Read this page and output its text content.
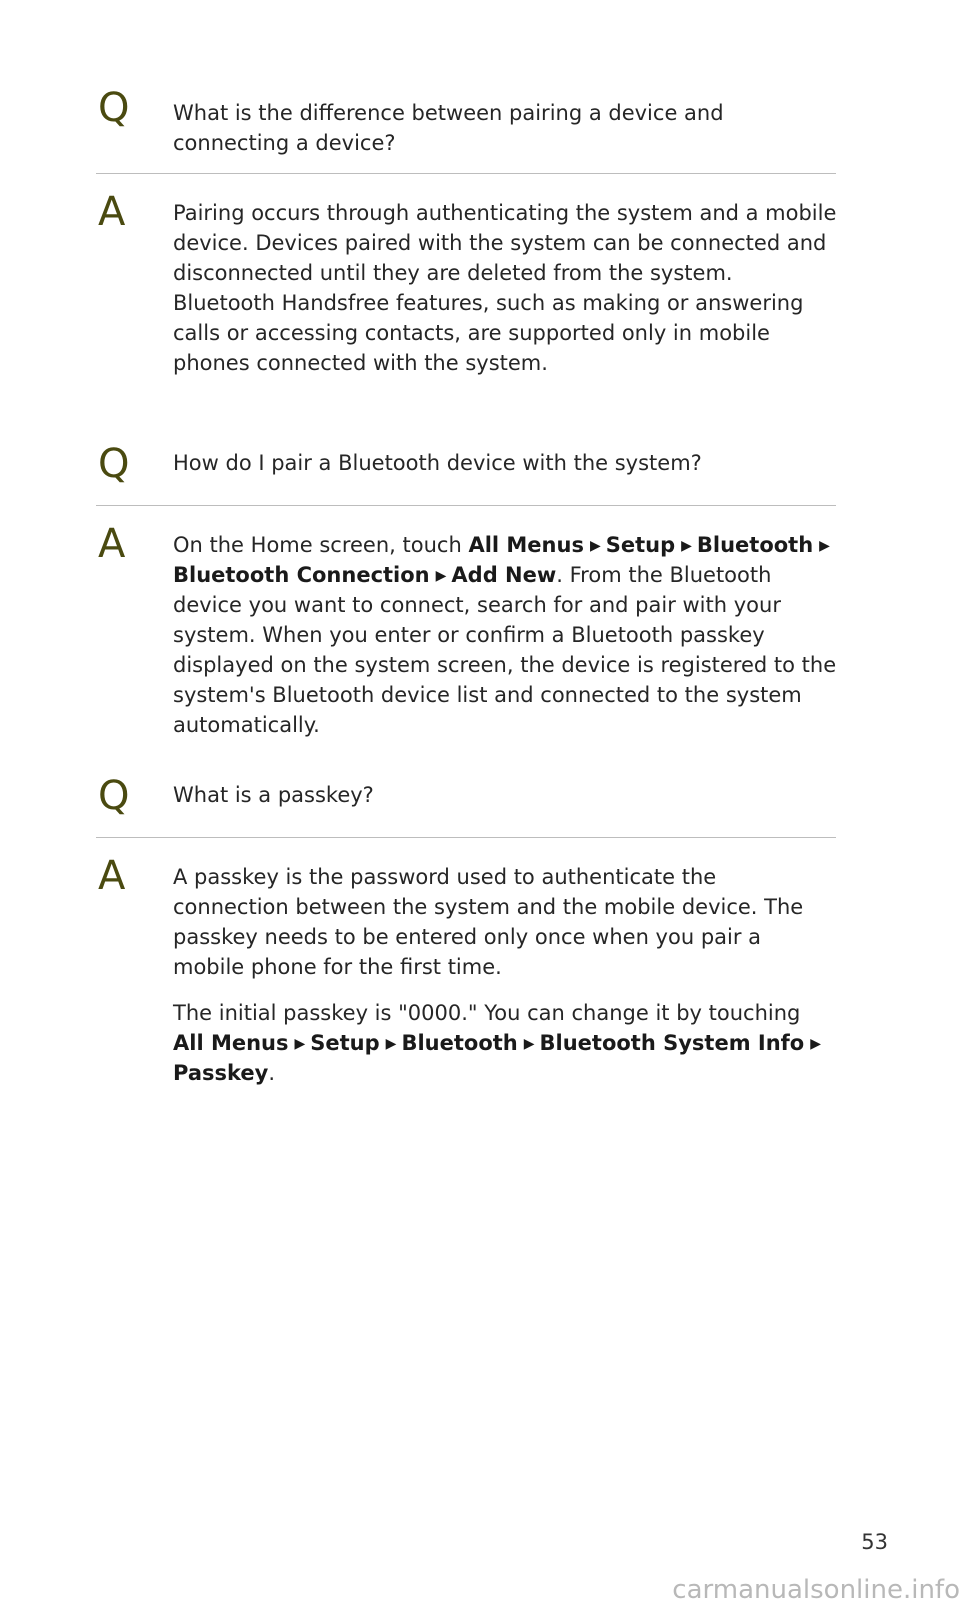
Q What is the difference between pairing a device and connecting a device?

A Pairing occurs through authenticating the system and a mobile device. Devices paired with the system can be connected and disconnected until they are deleted from the system. Bluetooth Handsfree features, such as making or answering calls or accessing contacts, are supported only in mobile phones connected with the system.

Q How do I pair a Bluetooth device with the system?

A On the Home screen, touch All Menus ▶ Setup ▶ Bluetooth ▶
Bluetooth Connection ▶ Add New. From the Bluetooth device you want to connect, search for and pair with your system. When you enter or confirm a Bluetooth passkey displayed on the system screen, the device is registered to the system's Bluetooth device list and connected to the system automatically.

Q What is a passkey?

A A passkey is the password used to authenticate the connection between the system and the mobile device. The passkey needs to be entered only once when you pair a mobile phone for the first time.

The initial passkey is "0000." You can change it by touching
All Menus ▶ Setup ▶ Bluetooth ▶ Bluetooth System Info ▶
Passkey.

53
carmanualsonline.info
